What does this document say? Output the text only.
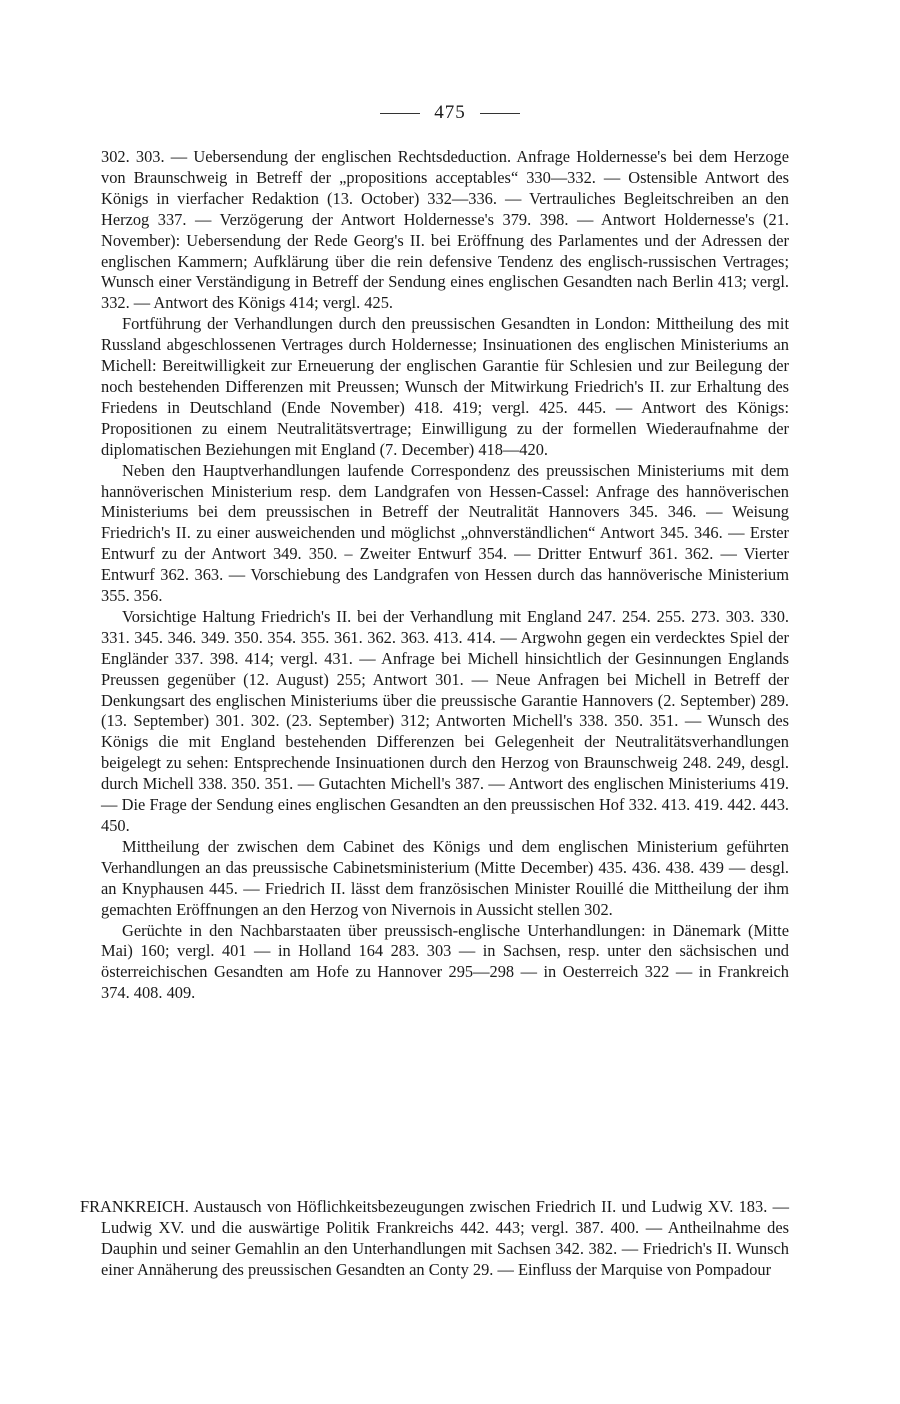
475

302. 303. — Uebersendung der englischen Rechtsdeduction. Anfrage Holdernesse's bei dem Herzoge von Braunschweig in Betreff der „propositions acceptables“ 330—332. — Ostensible Antwort des Königs in vierfacher Redaktion (13. October) 332—336. — Vertrauliches Begleitschreiben an den Herzog 337. — Verzögerung der Antwort Holdernesse's 379. 398. — Antwort Holdernesse's (21. November): Uebersendung der Rede Georg's II. bei Eröffnung des Parlamentes und der Adressen der englischen Kammern; Aufklärung über die rein defensive Tendenz des englisch-russischen Vertrages; Wunsch einer Verständigung in Betreff der Sendung eines englischen Gesandten nach Berlin 413; vergl. 332. — Antwort des Königs 414; vergl. 425.

Fortführung der Verhandlungen durch den preussischen Gesandten in London: Mittheilung des mit Russland abgeschlossenen Vertrages durch Holdernesse; Insinuationen des englischen Ministeriums an Michell: Bereitwilligkeit zur Erneuerung der englischen Garantie für Schlesien und zur Beilegung der noch bestehenden Differenzen mit Preussen; Wunsch der Mitwirkung Friedrich's II. zur Erhaltung des Friedens in Deutschland (Ende November) 418. 419; vergl. 425. 445. — Antwort des Königs: Propositionen zu einem Neutralitätsvertrage; Einwilligung zu der formellen Wiederaufnahme der diplomatischen Beziehungen mit England (7. December) 418—420.

Neben den Hauptverhandlungen laufende Correspondenz des preussischen Ministeriums mit dem hannöverischen Ministerium resp. dem Landgrafen von Hessen-Cassel: Anfrage des hannöverischen Ministeriums bei dem preussischen in Betreff der Neutralität Hannovers 345. 346. — Weisung Friedrich's II. zu einer ausweichenden und möglichst „ohnverständlichen“ Antwort 345. 346. — Erster Entwurf zu der Antwort 349. 350. – Zweiter Entwurf 354. — Dritter Entwurf 361. 362. — Vierter Entwurf 362. 363. — Vorschiebung des Landgrafen von Hessen durch das hannöverische Ministerium 355. 356.

Vorsichtige Haltung Friedrich's II. bei der Verhandlung mit England 247. 254. 255. 273. 303. 330. 331. 345. 346. 349. 350. 354. 355. 361. 362. 363. 413. 414. — Argwohn gegen ein verdecktes Spiel der Engländer 337. 398. 414; vergl. 431. — Anfrage bei Michell hinsichtlich der Gesinnungen Englands Preussen gegenüber (12. August) 255; Antwort 301. — Neue Anfragen bei Michell in Betreff der Denkungsart des englischen Ministeriums über die preussische Garantie Hannovers (2. September) 289. (13. September) 301. 302. (23. September) 312; Antworten Michell's 338. 350. 351. — Wunsch des Königs die mit England bestehenden Differenzen bei Gelegenheit der Neutralitätsverhandlungen beigelegt zu sehen: Entsprechende Insinuationen durch den Herzog von Braunschweig 248. 249, desgl. durch Michell 338. 350. 351. — Gutachten Michell's 387. — Antwort des englischen Ministeriums 419. — Die Frage der Sendung eines englischen Gesandten an den preussischen Hof 332. 413. 419. 442. 443. 450.

Mittheilung der zwischen dem Cabinet des Königs und dem englischen Ministerium geführten Verhandlungen an das preussische Cabinetsministerium (Mitte December) 435. 436. 438. 439 — desgl. an Knyphausen 445. — Friedrich II. lässt dem französischen Minister Rouillé die Mittheilung der ihm gemachten Eröffnungen an den Herzog von Nivernois in Aussicht stellen 302.

Gerüchte in den Nachbarstaaten über preussisch-englische Unterhandlungen: in Dänemark (Mitte Mai) 160; vergl. 401 — in Holland 164 283. 303 — in Sachsen, resp. unter den sächsischen und österreichischen Gesandten am Hofe zu Hannover 295—298 — in Oesterreich 322 — in Frankreich 374. 408. 409.

FRANKREICH. Austausch von Höflichkeitsbezeugungen zwischen Friedrich II. und Ludwig XV. 183. — Ludwig XV. und die auswärtige Politik Frankreichs 442. 443; vergl. 387. 400. — Antheilnahme des Dauphin und seiner Gemahlin an den Unterhandlungen mit Sachsen 342. 382. — Friedrich's II. Wunsch einer Annäherung des preussischen Gesandten an Conty 29. — Einfluss der Marquise von Pompadour
